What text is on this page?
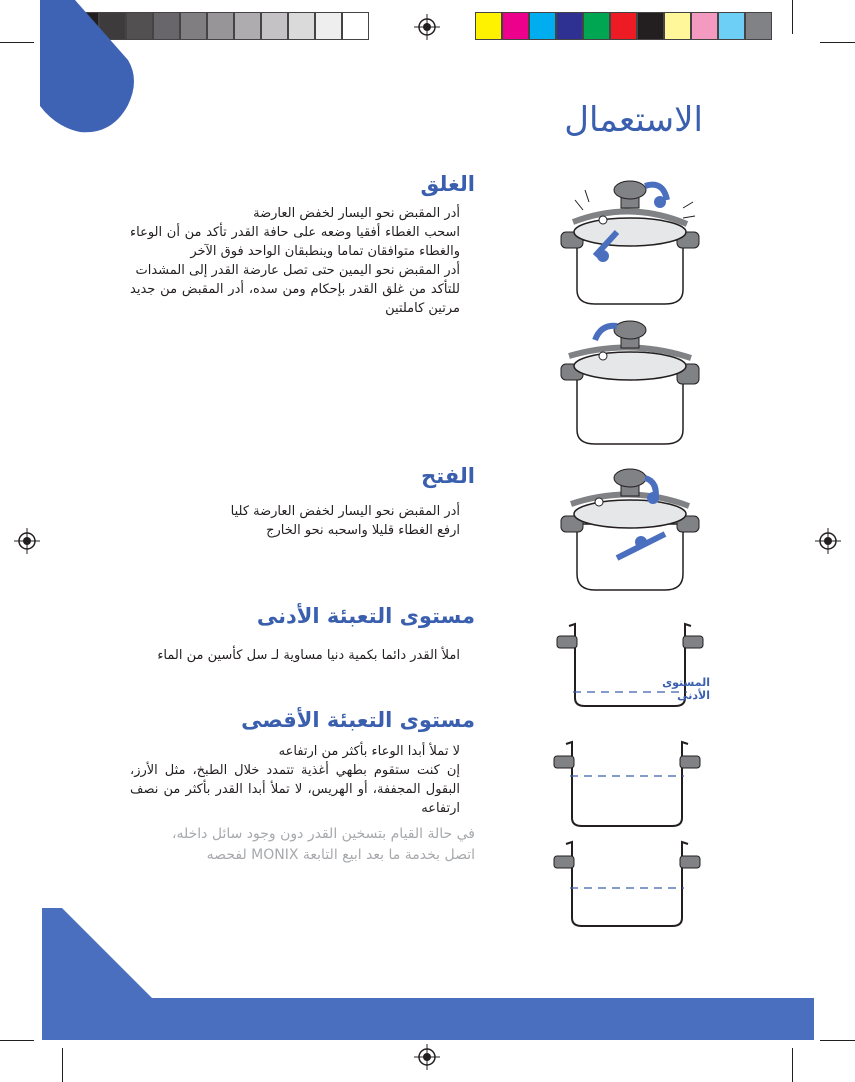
الاستعمال
الغلق

أدر المقبض نحو اليسار لخفض العارضة

اسحب الغطاء أفقيا وضعه على حافة القدر تأكد من أن الوعاء والغطاء متوافقان تماما وينطبقان الواحد فوق الآخر

أدر المقبض نحو اليمين حتى تصل عارضة القدر إلى المشدات

للتأكد من غلق القدر بإحكام ومن سده، أدر المقبض من جديد مرتين كاملتين

الفتح

أدر المقبض نحو اليسار لخفض العارضة كليا

ارفع الغطاء قليلا واسحبه نحو الخارج

مستوى التعبئة الأدنى

املأ القدر دائما بكمية دنيا مساوية لـ سل كأسين من الماء

مستوى التعبئة الأقصى

لا تملأ أبدا الوعاء بأكثر من ارتفاعه

إن كنت ستقوم بطهي أغذية تتمدد خلال الطبخ، مثل الأرز، البقول المجففة، أو الهريس، لا تملأ أبدا القدر بأكثر من نصف ارتفاعه

في حالة القيام بتسخين القدر دون وجود سائل داخله، اتصل بخدمة ما بعد ابيع التابعة MONIX لفحصه
المستوى الأدنى
